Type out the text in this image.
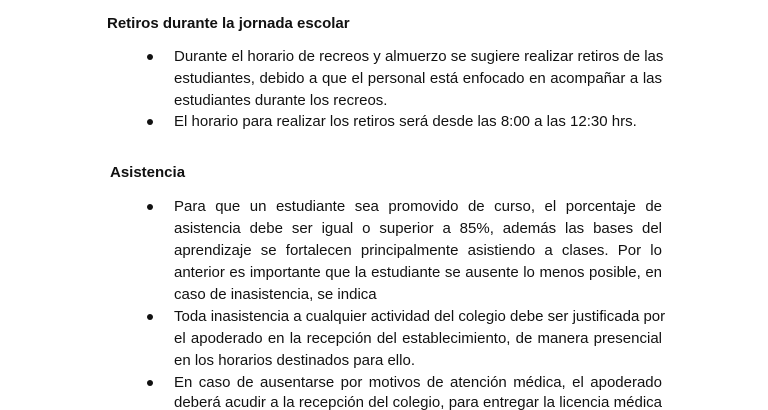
Retiros durante la jornada escolar
Durante el horario de recreos y almuerzo se sugiere realizar retiros de las
estudiantes, debido a que el personal está enfocado en acompañar a las
estudiantes durante los recreos.
El horario para realizar los retiros será desde las 8:00 a las 12:30 hrs.
Asistencia
Para que un estudiante sea promovido de curso, el porcentaje de
asistencia debe ser igual o superior a 85%, además las bases del
aprendizaje se fortalecen principalmente asistiendo a clases. Por lo
anterior es importante que la estudiante se ausente lo menos posible, en
caso de inasistencia, se indica
Toda inasistencia a cualquier actividad del colegio debe ser justificada por
el apoderado en la recepción del establecimiento, de manera presencial
en los horarios destinados para ello.
En caso de ausentarse por motivos de atención médica, el apoderado
deberá acudir a la recepción del colegio, para entregar la licencia médica
